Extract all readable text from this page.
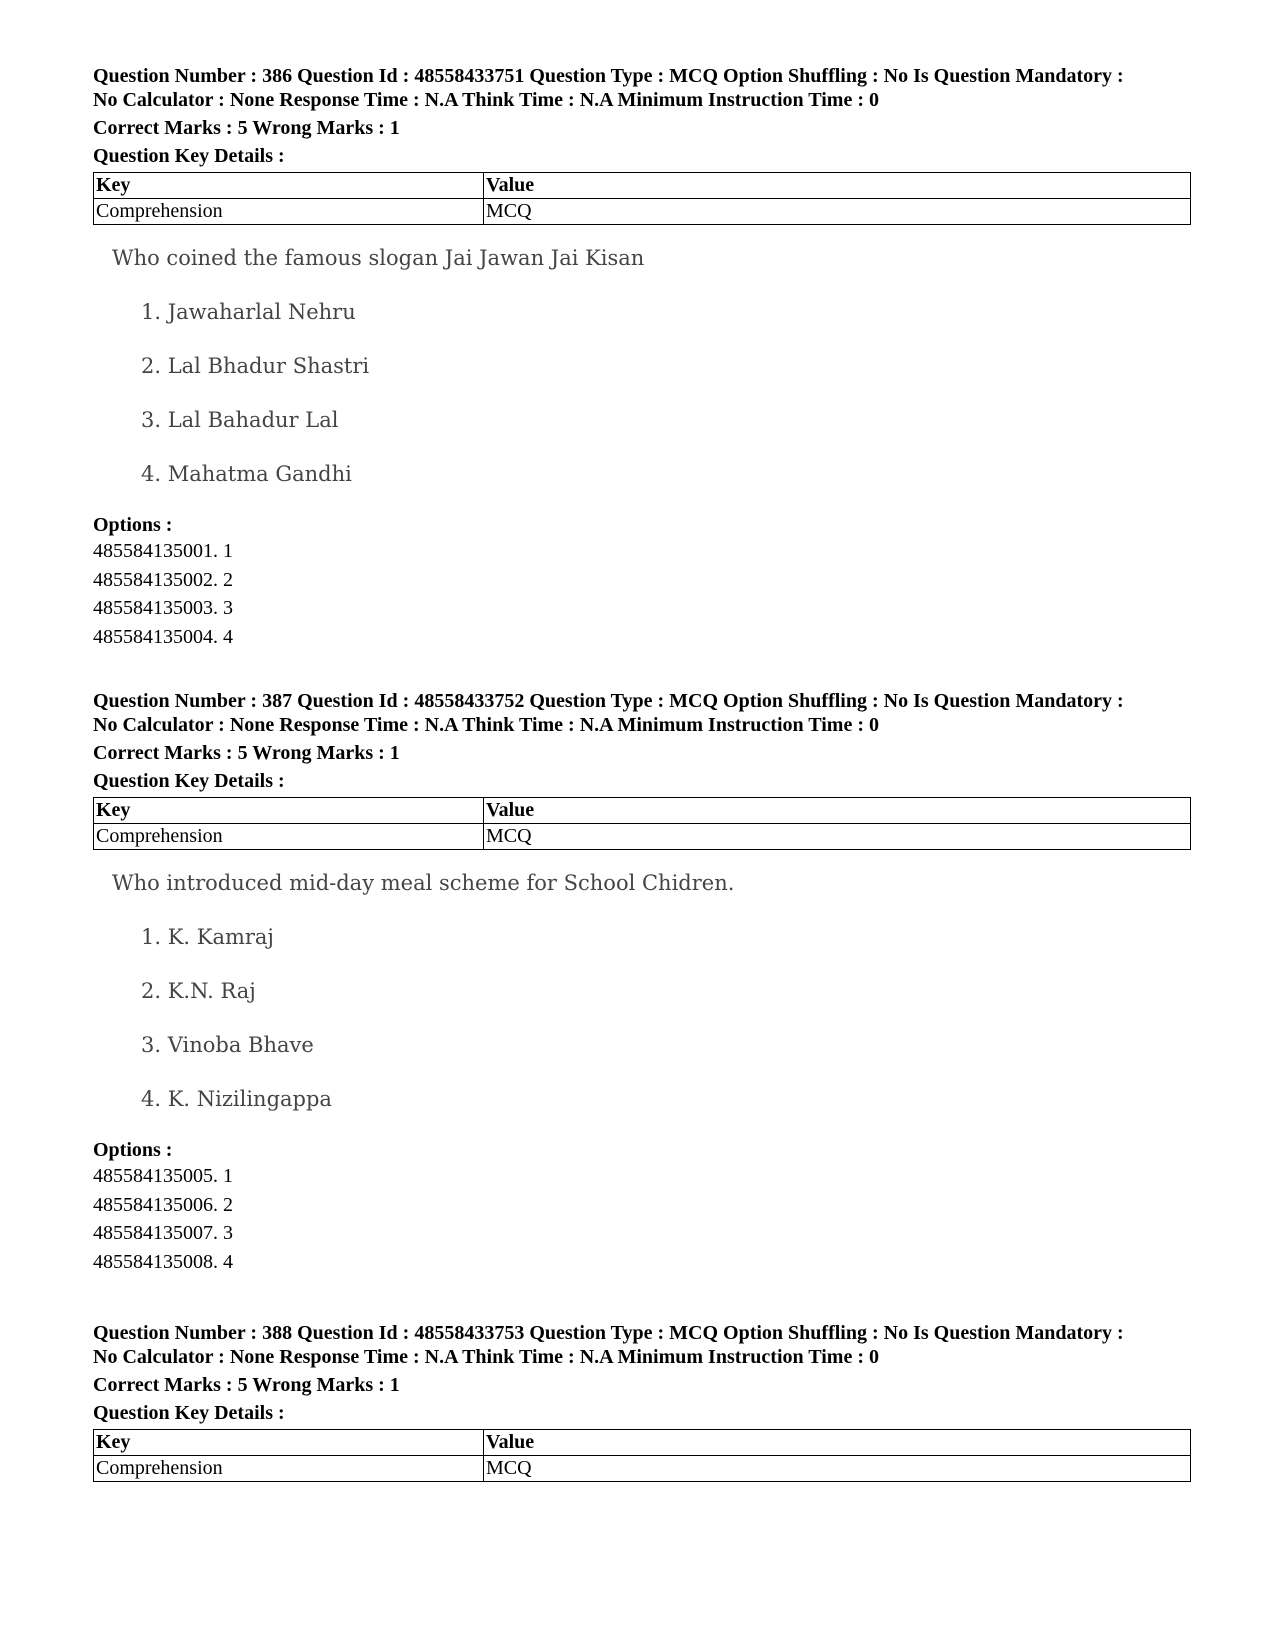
Question Number : 386 Question Id : 48558433751 Question Type : MCQ Option Shuffling : No Is Question Mandatory :
No Calculator : None Response Time : N.A Think Time : N.A Minimum Instruction Time : 0
Correct Marks : 5 Wrong Marks : 1
Question Key Details :
Key	Value
Comprehension	MCQ
Who coined the famous slogan Jai Jawan Jai Kisan
1. Jawaharlal Nehru
2. Lal Bhadur Shastri
3. Lal Bahadur Lal
4. Mahatma Gandhi
Options :
485584135001. 1
485584135002. 2
485584135003. 3
485584135004. 4
Question Number : 387 Question Id : 48558433752 Question Type : MCQ Option Shuffling : No Is Question Mandatory :
No Calculator : None Response Time : N.A Think Time : N.A Minimum Instruction Time : 0
Correct Marks : 5 Wrong Marks : 1
Question Key Details :
Key	Value
Comprehension	MCQ
Who introduced mid-day meal scheme for School Chidren.
1. K. Kamraj
2. K.N. Raj
3. Vinoba Bhave
4. K. Nizilingappa
Options :
485584135005. 1
485584135006. 2
485584135007. 3
485584135008. 4
Question Number : 388 Question Id : 48558433753 Question Type : MCQ Option Shuffling : No Is Question Mandatory :
No Calculator : None Response Time : N.A Think Time : N.A Minimum Instruction Time : 0
Correct Marks : 5 Wrong Marks : 1
Question Key Details :
Key	Value
Comprehension	MCQ
